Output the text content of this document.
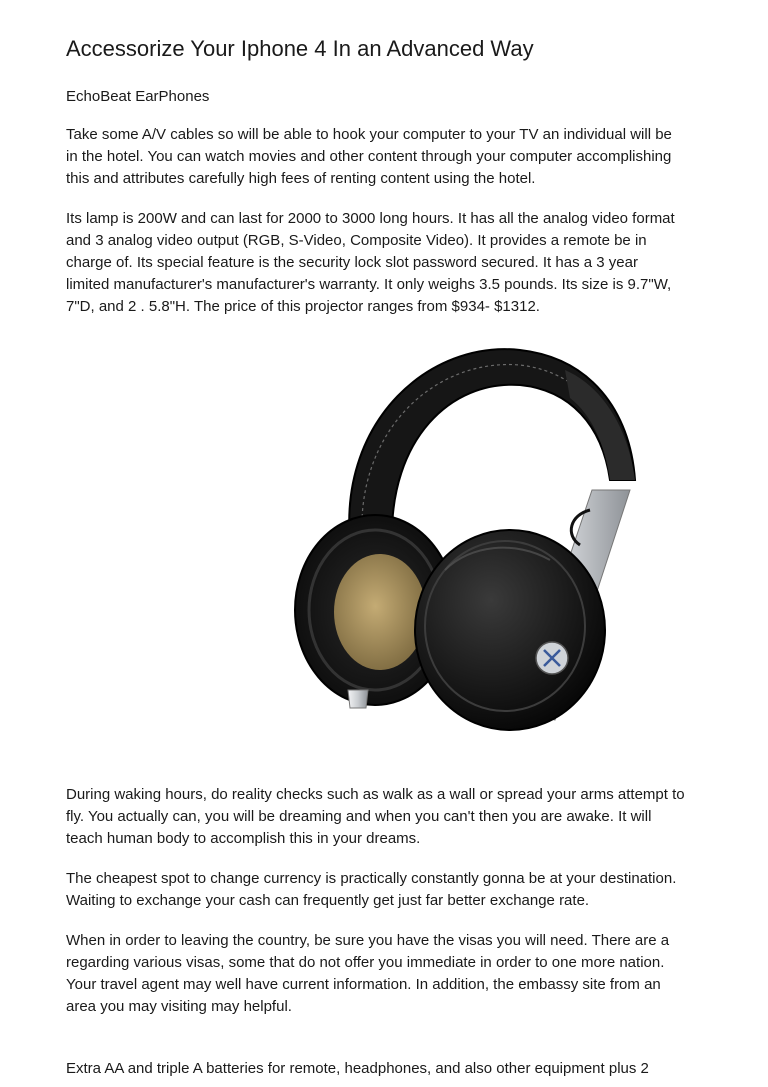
Accessorize Your Iphone 4 In an Advanced Way
EchoBeat EarPhones

Take some A/V cables so will be able to hook your computer to your TV an individual will be
in the hotel. You can watch movies and other content through your computer accomplishing
this and attributes carefully high fees of renting content using the hotel.

Its lamp is 200W and can last for 2000 to 3000 long hours. It has all the analog video format
and 3 analog video output (RGB, S-Video, Composite Video). It provides a remote be in
charge of. Its special feature is the security lock slot password secured. It has a 3 year
limited manufacturer's manufacturer's warranty. It only weighs 3.5 pounds. Its size is 9.7"W,
7"D, and 2 . 5.8"H. The price of this projector ranges from $934- $1312.

During waking hours, do reality checks such as walk as a wall or spread your arms attempt to
fly. You actually can, you will be dreaming and when you can't then you are awake. It will
teach human body to accomplish this in your dreams.

The cheapest spot to change currency is practically constantly gonna be at your destination.
Waiting to exchange your cash can frequently get just far better exchange rate.

When in order to leaving the country, be sure you have the visas you will need. There are a
regarding various visas, some that do not offer you immediate in order to one more nation.
Your travel agent may well have current information. In addition, the embassy site from an
area you may visiting may helpful.

Extra AA and triple A batteries for remote, headphones, and also other equipment plus 2
